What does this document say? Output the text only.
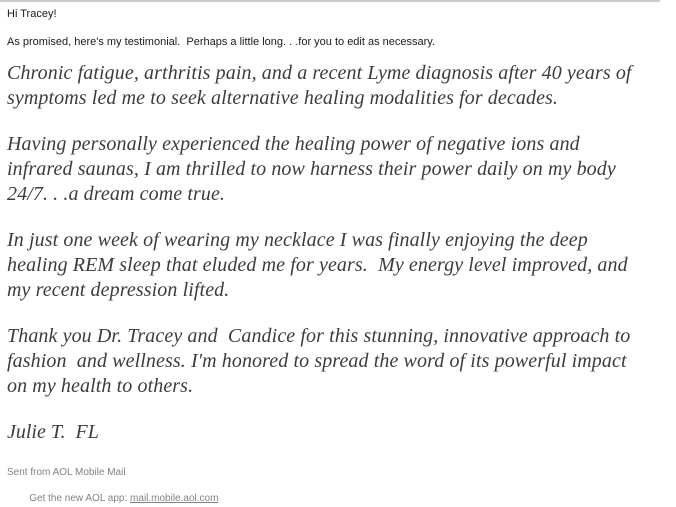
Hi Tracey!

As promised, here's my testimonial.  Perhaps a little long. . .for you to edit as necessary.

Chronic fatigue, arthritis pain, and a recent Lyme diagnosis after 40 years of
symptoms led me to seek alternative healing modalities for decades.

Having personally experienced the healing power of negative ions and
infrared saunas, I am thrilled to now harness their power daily on my body
24/7. . .a dream come true.

In just one week of wearing my necklace I was finally enjoying the deep
healing REM sleep that eluded me for years.  My energy level improved, and
my recent depression lifted.

Thank you Dr. Tracey and  Candice for this stunning, innovative approach to
fashion  and wellness. I'm honored to spread the word of its powerful impact
on my health to others.

Julie T.  FL

Sent from AOL Mobile Mail

Get the new AOL app: mail.mobile.aol.com
